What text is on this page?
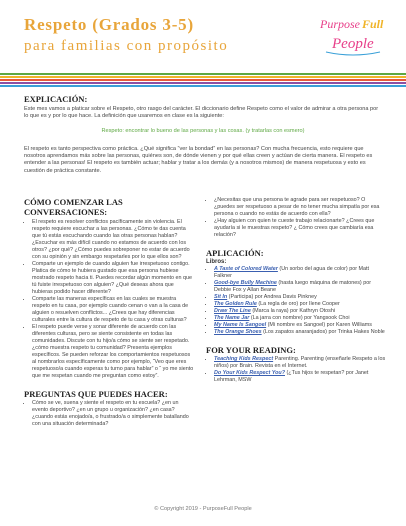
Respeto (Grados 3-5)
para familias con propósito
Purpose Full
People
EXPLICACIÓN:

Este mes vamos a platicar sobre el Respeto, otro rasgo del carácter. El diccionario define Respeto como el valor de admirar a otra persona por lo que es y por lo que hace. La definición que usaremos en clase es la siguiente:

Respeto: encontrar lo bueno de las personas y las cosas. (y tratarlas con esmero)

El respeto es tanto perspectiva como práctica. ¿Qué significa “ver la bondad” en las personas? Con mucha frecuencia, esto requiere que nosotros aprendamos más sobre las personas, quiénes son, de dónde vienen y por qué ellas creen y actúan de cierta manera. El respeto es entender a las personas! El respeto es también actuar; hablar y tratar a los demás (y a nosotros mismos) de manera respetuosa y esto es cuestión de práctica constante.

CÓMO COMENZAR LAS CONVERSACIONES:
• El respeto es resolver conflictos pacíficamente sin violencia. El respeto requiere escuchar a las personas. ¿Cómo te das cuenta que tú estás escuchando cuando las otras personas hablan? ¿Escuchar es más difícil cuando no estamos de acuerdo con los otros? ¿por qué? ¿Cómo puedes sobreponer no estar de acuerdo con su opinión y sin embargo respetarles por lo que ellos son?
• Comparte un ejemplo de cuando alguien fue irrespetuoso contigo. Platica de cómo te hubiera gustado que esa persona hubiese mostrado respeto hacia ti. Puedes recordar algún momento en que tú fuiste irrespetuoso con alguien? ¿Qué deseas ahora que hubieras podido hacer diferente?
• Comparte las maneras específicas en las cuales se muestra respeto en tu casa, por ejemplo cuando cenan o van a la casa de alguien o resuelven conflictos... ¿Crees que hay diferencias culturales entre la cultura de respeto de tu casa y otras culturas?
• El respeto puede verse y sonar diferente de acuerdo con las diferentes culturas, pero se siente consistente en todas las comunidades. Discute con tu hijo/a cómo se siente ser respetado. ¿cómo muestra respeto tu comunidad? Presenta ejemplos específicos. Se pueden reforzar los comportamientos respetuosos al nombrarlos específicamente como por ejemplo, “Veo que eres respetuoso/a cuando esperas tu turno para hablar” o “ yo me siento que me respetan cuando me preguntan como estoy”.
PREGUNTAS QUE PUEDES HACER:
• Cómo se ve, suena y siente el respeto en tu escuela? ¿en un evento deportivo? ¿en un grupo u organización? ¿en casa? ¿cuando estás enojado/a, o frustrado/a o simplemente batallando con una situación determinada?
• ¿Necesitas que una persona te agrade para ser respetuoso? O ¿puedes ser respetuoso a pesar de no tener mucha simpatía por esa persona o cuando no estás de acuerdo con ella?
• ¿Hay alguien con quien te cueste trabajo relacionarte? ¿Crees que ayudaría si le muestras respeto? ¿ Cómo crees que cambiaría esa relación?
APLICACIÓN:
Libros:
• A Taste of Colored Water (Un sorbo del agua de color) por Matt Falkner
• Good-bye Bully Machine (hasta luego máquina de matones) por Debbie Fox y Allan Beane
• Sit In (Participa) por Andrea Davis Pinkney
• The Golden Rule (La regla de oro) por Ilene Cooper
• Draw The Line (Marca la raya) por Kathryn Otoshi
• The Name Jar (La jarra con nombre) por Yangsook Choi
• My Name Is Sangoel (Mi nombre es Sangoel) por Karen Williams
• The Orange Shoes (Los zapatos anaranjados) por Trinka Hakes Noble
FOR YOUR READING:
• Teaching Kids Respect Parenting. Parenting (enseñarle Respeto a los niños) por Brain. Revista en el Internet.
• Do Your Kids Respect You? (¿Tus hijos te respetan? por Janet Lehrman, MSW
© Copyright 2019 - PurposeFull People
